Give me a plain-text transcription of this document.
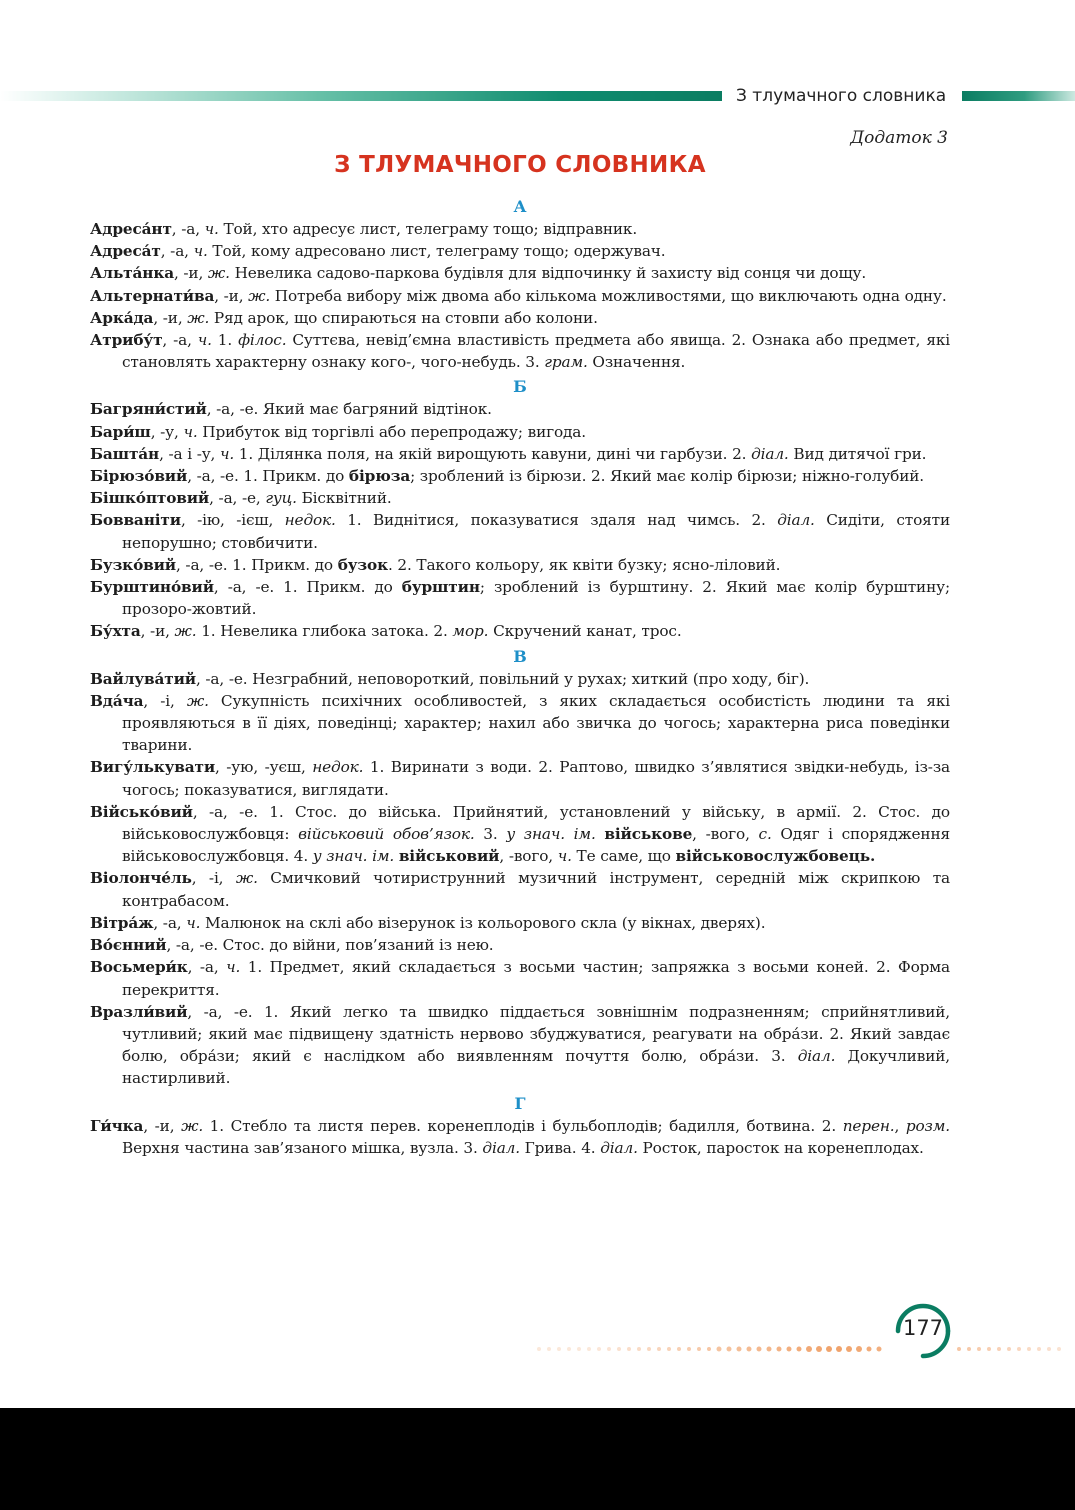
З тлумачного словника
Додаток 3
З ТЛУМАЧНОГО СЛОВНИКА
А

Адреса́нт, -а, ч. Той, хто адресує лист, телеграму тощо; відправник.

Адреса́т, -а, ч. Той, кому адресовано лист, телеграму тощо; одержувач.

Альта́нка, -и, ж. Невелика садово-паркова будівля для відпочинку й захисту від сонця чи дощу.

Альтернати́ва, -и, ж. Потреба вибору між двома або кількома можливостями, що виключають одна одну.

Арка́да, -и, ж. Ряд арок, що спираються на стовпи або колони.

Атрибу́т, -а, ч. 1. філос. Суттєва, невід’ємна властивість предмета або явища. 2. Ознака або предмет, які становлять характерну ознаку кого-, чого-небудь. 3. грам. Означення.

Б

Багряни́стий, -а, -е. Який має багряний відтінок.

Бари́ш, -у, ч. Прибуток від торгівлі або перепродажу; вигода.

Башта́н, -а і -у, ч. 1. Ділянка поля, на якій вирощують кавуни, дині чи гарбузи. 2. діал. Вид дитячої гри.

Бірюзо́вий, -а, -е. 1. Прикм. до бірюза; зроблений із бірюзи. 2. Який має колір бірюзи; ніжно-голубий.

Бішко́птовий, -а, -е, гуц. Бісквітний.

Бовваніти, -ію, -ієш, недок. 1. Виднітися, показуватися здаля над чимсь. 2. діал. Сидіти, стояти непорушно; стовбичити.

Бузко́вий, -а, -е. 1. Прикм. до бузок. 2. Такого кольору, як квіти бузку; ясно-ліловий.

Бурштино́вий, -а, -е. 1. Прикм. до бурштин; зроблений із бурштину. 2. Який має колір бурштину; прозоро-жовтий.

Бу́хта, -и, ж. 1. Невелика глибока затока. 2. мор. Скручений канат, трос.

В

Вайлува́тий, -а, -е. Незграбний, неповороткий, повільний у рухах; хиткий (про ходу, біг).

Вда́ча, -і, ж. Сукупність психічних особливостей, з яких складається особистість людини та які проявляються в її діях, поведінці; характер; нахил або звичка до чогось; характерна риса поведінки тварини.

Вигу́лькувати, -ую, -уєш, недок. 1. Виринати з води. 2. Раптово, швидко з’являтися звідки-небудь, із-за чогось; показуватися, виглядати.

Військо́вий, -а, -е. 1. Стос. до війська. Прийнятий, установлений у війську, в армії. 2. Стос. до військовослужбовця: військовий обов’язок. 3. у знач. ім. військове, -вого, с. Одяг і спорядження військовослужбовця. 4. у знач. ім. військовий, -вого, ч. Те саме, що військовослужбовець.

Віолонче́ль, -і, ж. Смичковий чотириструнний музичний інструмент, середній між скрипкою та контрабасом.

Вітра́ж, -а, ч. Малюнок на склі або візерунок із кольорового скла (у вікнах, дверях).

Во́єнний, -а, -е. Стос. до війни, пов’язаний із нею.

Восьмери́к, -а, ч. 1. Предмет, який складається з восьми частин; запряжка з восьми коней. 2. Форма перекриття.

Вразли́вий, -а, -е. 1. Який легко та швидко піддається зовнішнім подразненням; сприйнятливий, чутливий; який має підвищену здатність нервово збуджуватися, реагувати на обра́зи. 2. Який завдає болю, обра́зи; який є наслідком або виявленням почуття болю, обра́зи. 3. діал. Докучливий, настирливий.

Г

Ги́чка, -и, ж. 1. Стебло та листя перев. коренеплодів і бульбоплодів; бадилля, ботвина. 2. перен., розм. Верхня частина зав’язаного мішка, вузла. 3. діал. Грива. 4. діал. Росток, паросток на коренеплодах.

177
